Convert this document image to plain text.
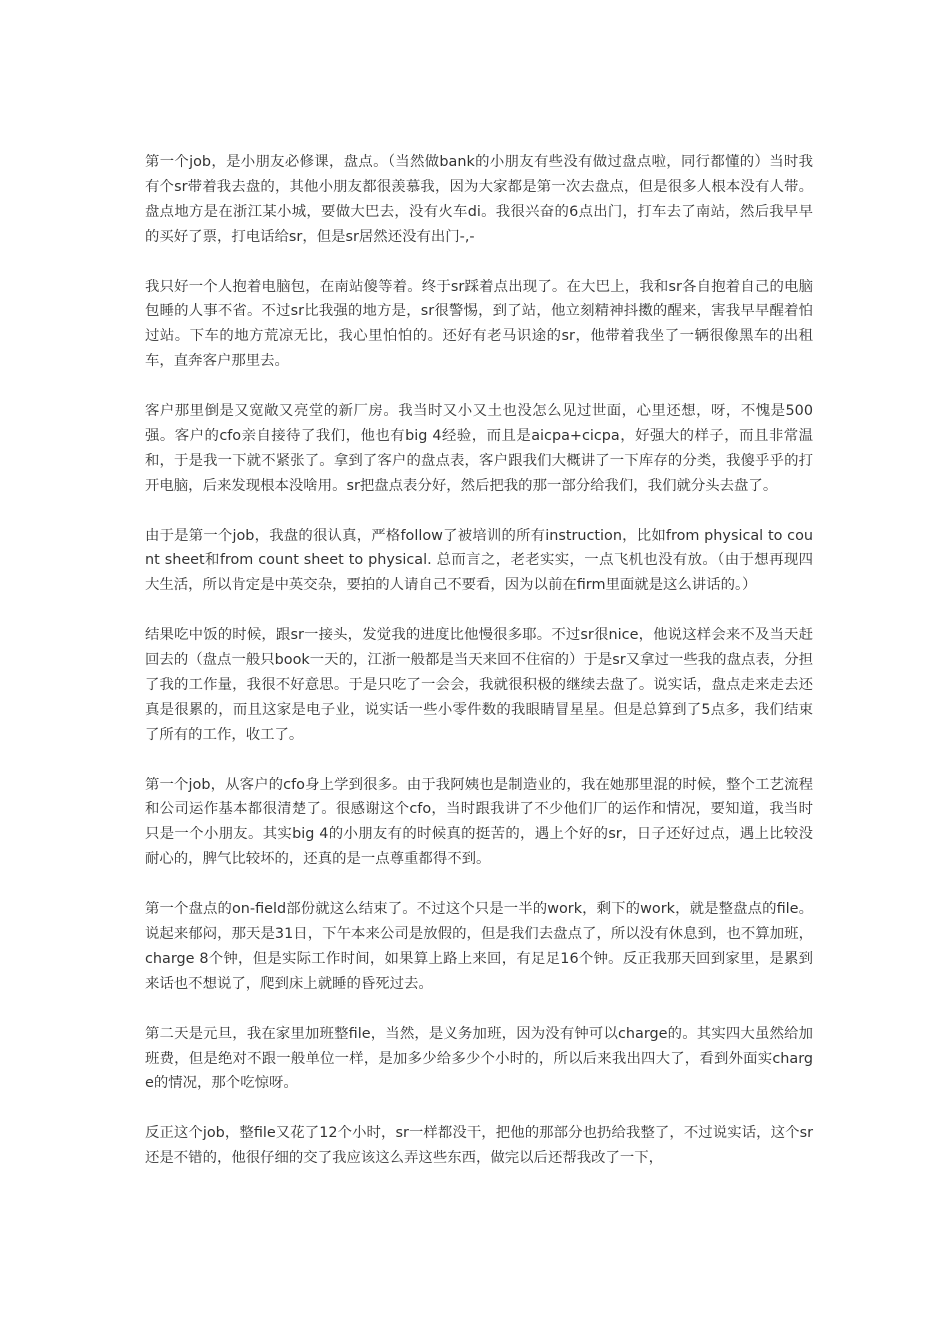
第一个job，是小朋友必修课，盘点。（当然做bank的小朋友有些没有做过盘点啦，同行都懂的）当时我有个sr带着我去盘的，其他小朋友都很羡慕我，因为大家都是第一次去盘点，但是很多人根本没有人带。盘点地方是在浙江某小城，要做大巴去，没有火车di。我很兴奋的6点出门，打车去了南站，然后我早早的买好了票，打电话给sr，但是sr居然还没有出门-,-

我只好一个人抱着电脑包，在南站傻等着。终于sr踩着点出现了。在大巴上，我和sr各自抱着自己的电脑包睡的人事不省。不过sr比我强的地方是，sr很警惕，到了站，他立刻精神抖擞的醒来，害我早早醒着怕过站。下车的地方荒凉无比，我心里怕怕的。还好有老马识途的sr，他带着我坐了一辆很像黑车的出租车，直奔客户那里去。

客户那里倒是又宽敞又亮堂的新厂房。我当时又小又土也没怎么见过世面，心里还想，呀，不愧是500强。客户的cfo亲自接待了我们，他也有big 4经验，而且是aicpa+cicpa，好强大的样子，而且非常温和，于是我一下就不紧张了。拿到了客户的盘点表，客户跟我们大概讲了一下库存的分类，我傻乎乎的打开电脑，后来发现根本没啥用。sr把盘点表分好，然后把我的那一部分给我们，我们就分头去盘了。

由于是第一个job，我盘的很认真，严格follow了被培训的所有instruction，比如from physical to count sheet和from count sheet to physical. 总而言之，老老实实，一点飞机也没有放。（由于想再现四大生活，所以肯定是中英交杂，要拍的人请自己不要看，因为以前在firm里面就是这么讲话的。）

结果吃中饭的时候，跟sr一接头，发觉我的进度比他慢很多耶。不过sr很nice，他说这样会来不及当天赶回去的（盘点一般只book一天的，江浙一般都是当天来回不住宿的）于是sr又拿过一些我的盘点表，分担了我的工作量，我很不好意思。于是只吃了一会会，我就很积极的继续去盘了。说实话，盘点走来走去还真是很累的，而且这家是电子业，说实话一些小零件数的我眼睛冒星星。但是总算到了5点多，我们结束了所有的工作，收工了。

第一个job，从客户的cfo身上学到很多。由于我阿姨也是制造业的，我在她那里混的时候，整个工艺流程和公司运作基本都很清楚了。很感谢这个cfo，当时跟我讲了不少他们厂的运作和情况，要知道，我当时只是一个小朋友。其实big 4的小朋友有的时候真的挺苦的，遇上个好的sr，日子还好过点，遇上比较没耐心的，脾气比较坏的，还真的是一点尊重都得不到。

第一个盘点的on-field部份就这么结束了。不过这个只是一半的work，剩下的work，就是整盘点的file。说起来郁闷，那天是31日，下午本来公司是放假的，但是我们去盘点了，所以没有休息到，也不算加班，charge 8个钟，但是实际工作时间，如果算上路上来回，有足足16个钟。反正我那天回到家里，是累到来话也不想说了，爬到床上就睡的昏死过去。

第二天是元旦，我在家里加班整file，当然，是义务加班，因为没有钟可以charge的。其实四大虽然给加班费，但是绝对不跟一般单位一样，是加多少给多少个小时的，所以后来我出四大了，看到外面实charge的情况，那个吃惊呀。

反正这个job，整file又花了12个小时，sr一样都没干，把他的那部分也扔给我整了，不过说实话，这个sr还是不错的，他很仔细的交了我应该这么弄这些东西，做完以后还帮我改了一下，
